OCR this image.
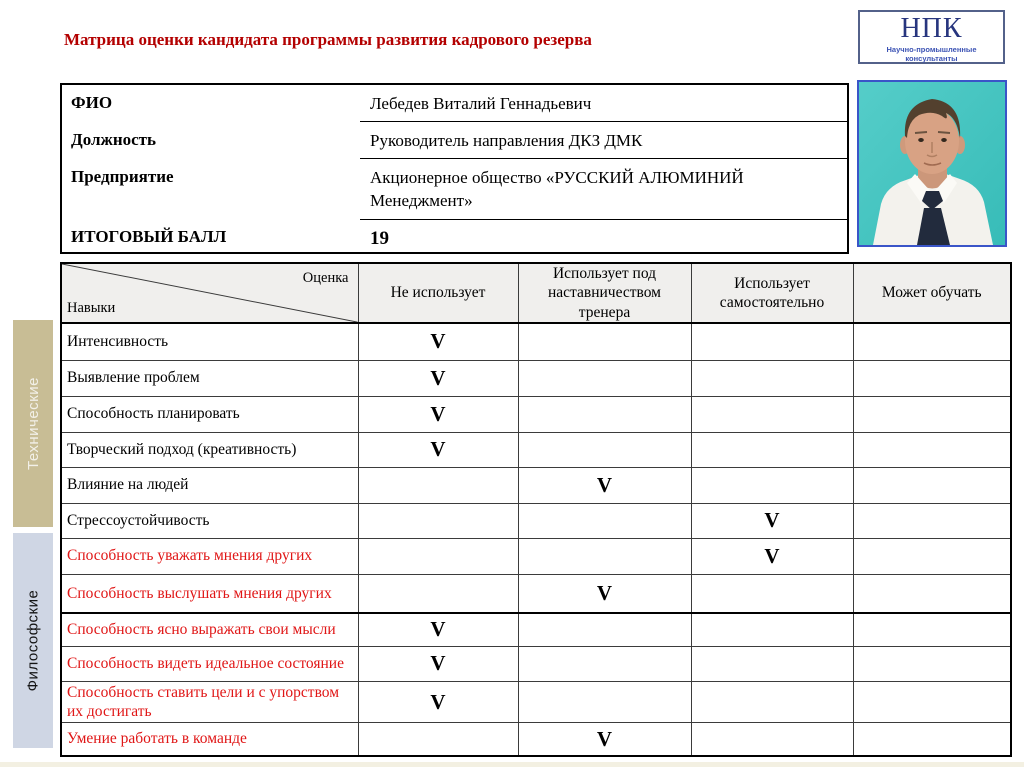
Матрица оценки кандидата программы развития кадрового резерва	НПК
Научно-промышленные консультанты
ФИО	Лебедев Виталий Геннадьевич
Должность	Руководитель направления ДКЗ ДМК
Предприятие	Акционерное общество «РУССКИЙ АЛЮМИНИЙ Менеджмент»
ИТОГОВЫЙ БАЛЛ	19
Технические
Философские
Оценка
Навыки	Не использует	Использует под наставничеством тренера	Использует самостоятельно	Может обучать
Интенсивность	V			
Выявление проблем	V			
Способность планировать	V			
Творческий подход (креативность)	V			
Влияние на людей		V		
Стрессоустойчивость			V	
Способность уважать мнения других			V	
Способность выслушать мнения других		V		
Способность ясно выражать свои мысли	V			
Способность видеть идеальное состояние	V			
Способность ставить цели и с упорством их достигать	V			
Умение работать в команде		V		
